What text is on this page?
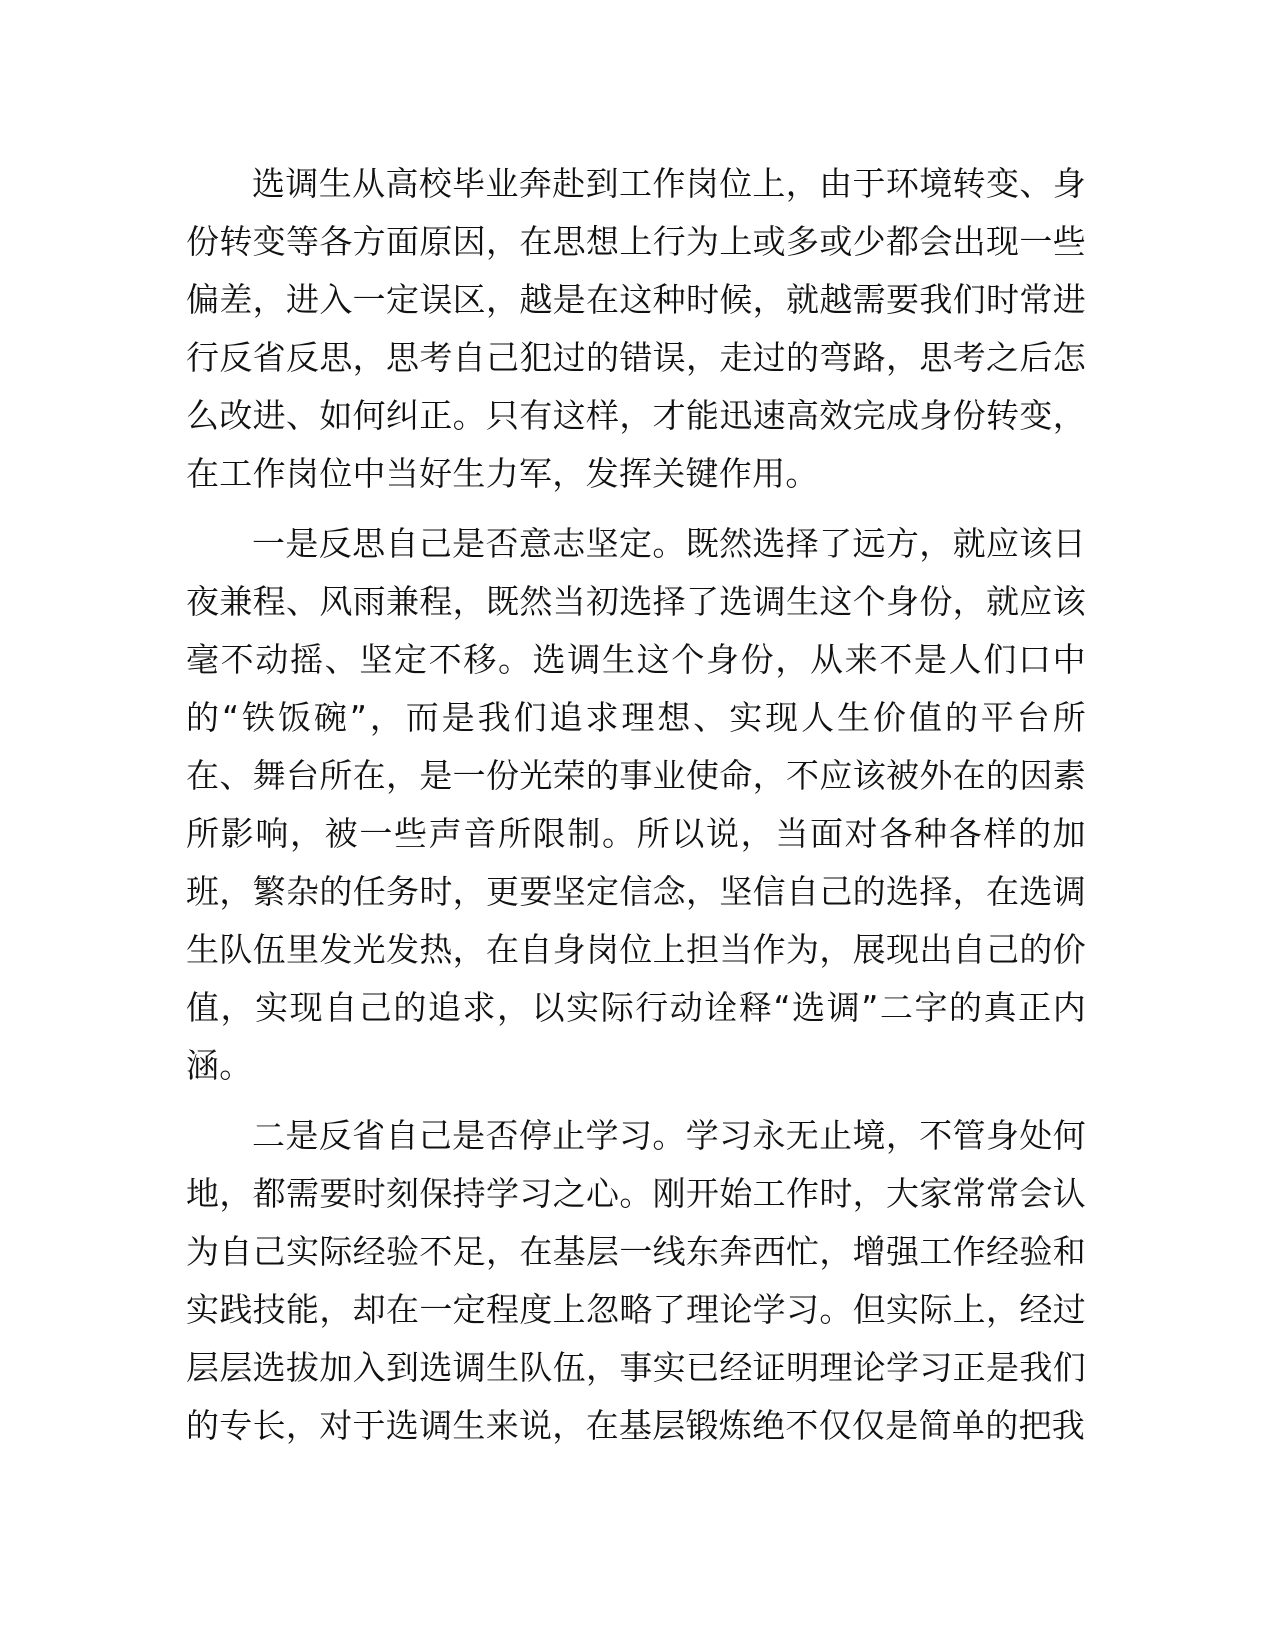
选调生从高校毕业奔赴到工作岗位上，由于环境转变、身份转变等各方面原因，在思想上行为上或多或少都会出现一些偏差，进入一定误区，越是在这种时候，就越需要我们时常进行反省反思，思考自己犯过的错误，走过的弯路，思考之后怎么改进、如何纠正。只有这样，才能迅速高效完成身份转变，在工作岗位中当好生力军，发挥关键作用。

一是反思自己是否意志坚定。既然选择了远方，就应该日夜兼程、风雨兼程，既然当初选择了选调生这个身份，就应该毫不动摇、坚定不移。选调生这个身份，从来不是人们口中的“铁饭碗”，而是我们追求理想、实现人生价值的平台所在、舞台所在，是一份光荣的事业使命，不应该被外在的因素所影响，被一些声音所限制。所以说，当面对各种各样的加班，繁杂的任务时，更要坚定信念，坚信自己的选择，在选调生队伍里发光发热，在自身岗位上担当作为，展现出自己的价值，实现自己的追求，以实际行动诠释“选调”二字的真正内涵。

二是反省自己是否停止学习。学习永无止境，不管身处何地，都需要时刻保持学习之心。刚开始工作时，大家常常会认为自己实际经验不足，在基层一线东奔西忙，增强工作经验和实践技能，却在一定程度上忽略了理论学习。但实际上，经过层层选拔加入到选调生队伍，事实已经证明理论学习正是我们的专长，对于选调生来说，在基层锻炼绝不仅仅是简单的把我
